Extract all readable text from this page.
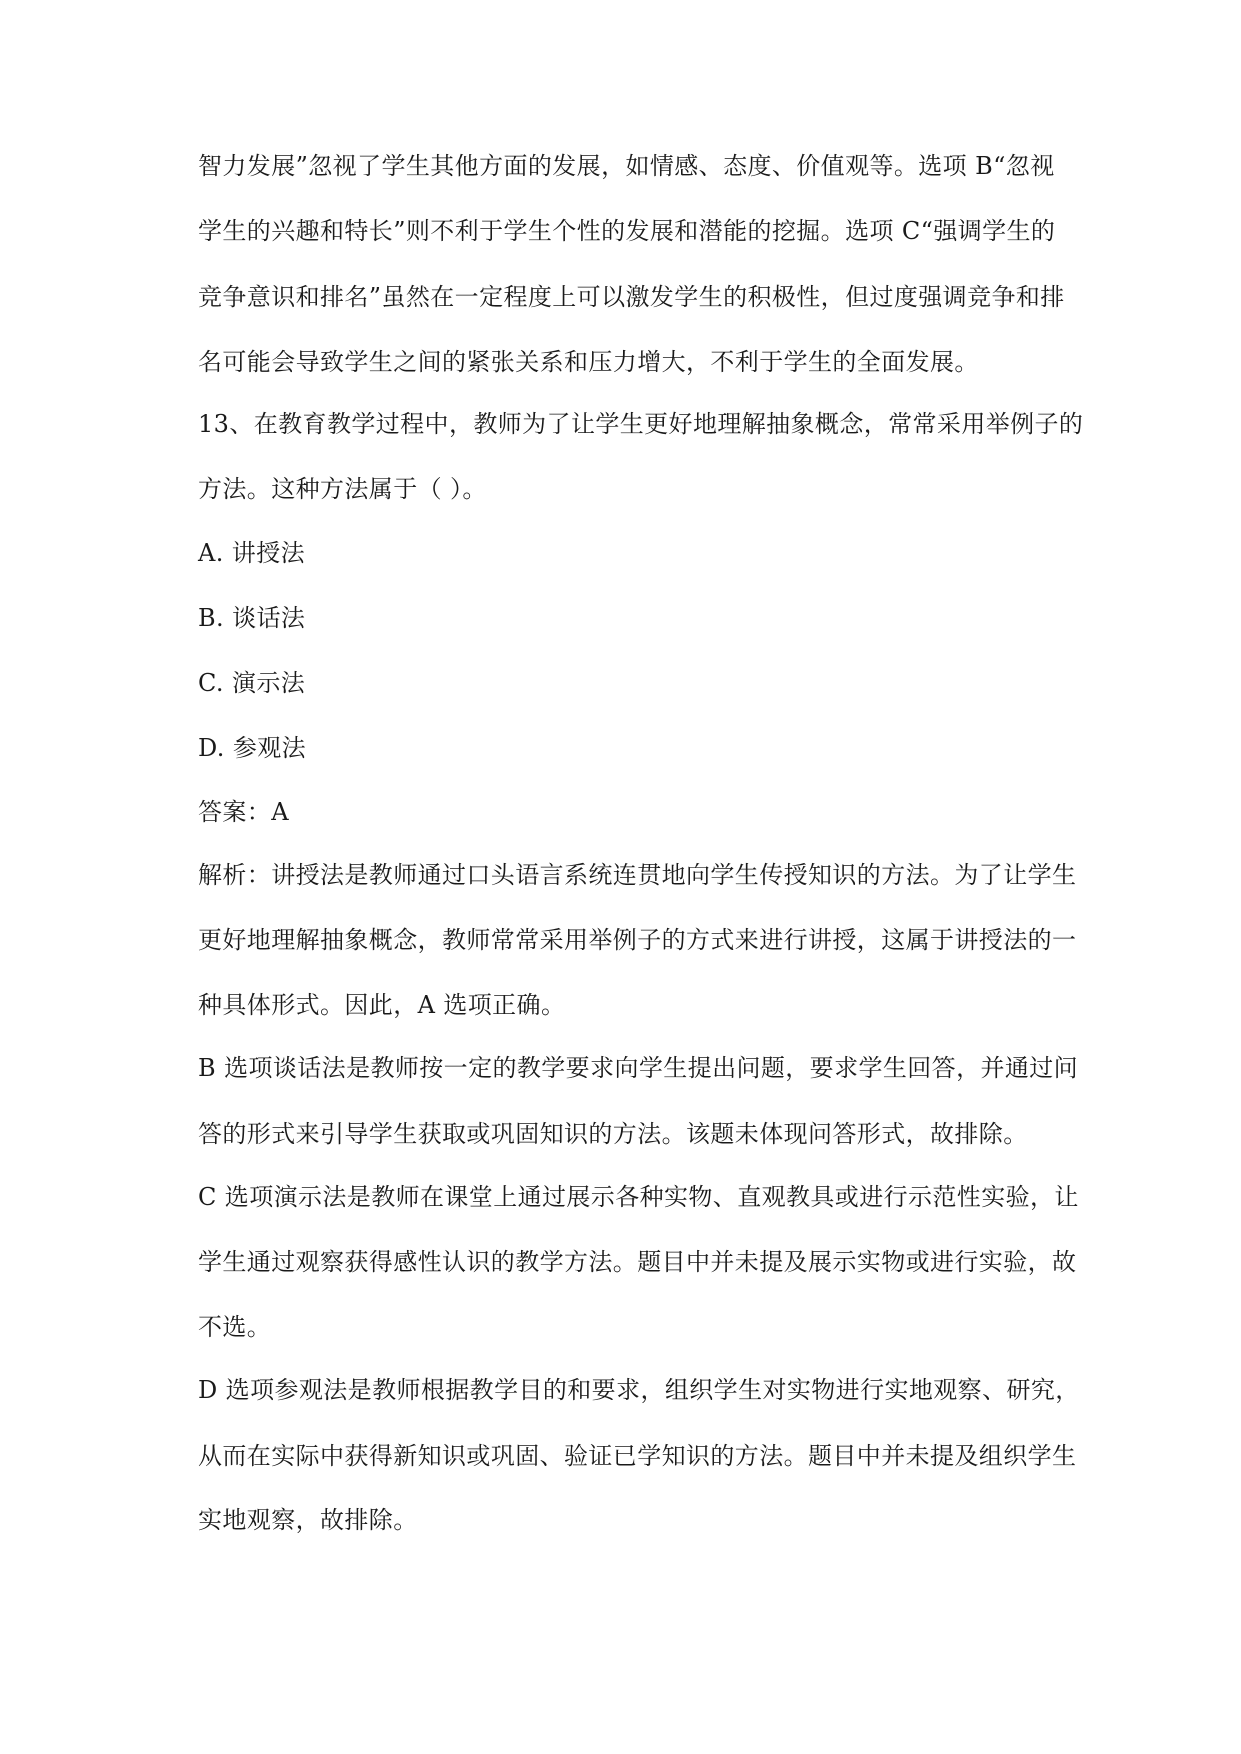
智力发展”忽视了学生其他方面的发展，如情感、态度、价值观等。选项 B“忽视
学生的兴趣和特长”则不利于学生个性的发展和潜能的挖掘。选项 C“强调学生的
竞争意识和排名”虽然在一定程度上可以激发学生的积极性，但过度强调竞争和排
名可能会导致学生之间的紧张关系和压力增大，不利于学生的全面发展。
13、在教育教学过程中，教师为了让学生更好地理解抽象概念，常常采用举例子的
方法。这种方法属于（ ）。
A. 讲授法
B. 谈话法
C. 演示法
D. 参观法
答案：A
解析：讲授法是教师通过口头语言系统连贯地向学生传授知识的方法。为了让学生
更好地理解抽象概念，教师常常采用举例子的方式来进行讲授，这属于讲授法的一
种具体形式。因此，A 选项正确。
B 选项谈话法是教师按一定的教学要求向学生提出问题，要求学生回答，并通过问
答的形式来引导学生获取或巩固知识的方法。该题未体现问答形式，故排除。
C 选项演示法是教师在课堂上通过展示各种实物、直观教具或进行示范性实验，让
学生通过观察获得感性认识的教学方法。题目中并未提及展示实物或进行实验，故
不选。
D 选项参观法是教师根据教学目的和要求，组织学生对实物进行实地观察、研究，
从而在实际中获得新知识或巩固、验证已学知识的方法。题目中并未提及组织学生
实地观察，故排除。
